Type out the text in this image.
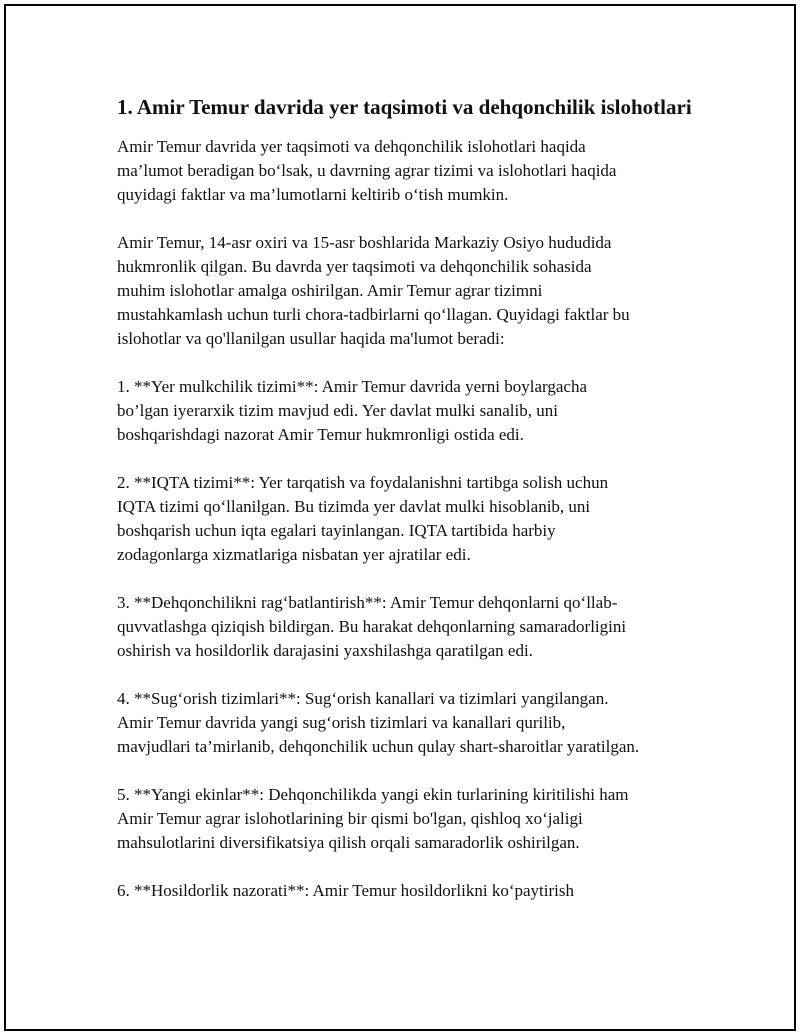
1. Amir Temur davrida yer taqsimoti va dehqonchilik islohotlari

Amir Temur davrida yer taqsimoti va dehqonchilik islohotlari haqida
ma’lumot beradigan bo‘lsak, u davrning agrar tizimi va islohotlari haqida
quyidagi faktlar va ma’lumotlarni keltirib o‘tish mumkin.

Amir Temur, 14-asr oxiri va 15-asr boshlarida Markaziy Osiyo hududida
hukmronlik qilgan. Bu davrda yer taqsimoti va dehqonchilik sohasida
muhim islohotlar amalga oshirilgan. Amir Temur agrar tizimni
mustahkamlash uchun turli chora-tadbirlarni qo‘llagan. Quyidagi faktlar bu
islohotlar va qo'llanilgan usullar haqida ma'lumot beradi:

1. **Yer mulkchilik tizimi**: Amir Temur davrida yerni boylargacha
bo’lgan iyerarxik tizim mavjud edi. Yer davlat mulki sanalib, uni
boshqarishdagi nazorat Amir Temur hukmronligi ostida edi.

2. **IQTA tizimi**: Yer tarqatish va foydalanishni tartibga solish uchun
IQTA tizimi qo‘llanilgan. Bu tizimda yer davlat mulki hisoblanib, uni
boshqarish uchun iqta egalari tayinlangan. IQTA tartibida harbiy
zodagonlarga xizmatlariga nisbatan yer ajratilar edi.

3. **Dehqonchilikni rag‘batlantirish**: Amir Temur dehqonlarni qo‘llab-
quvvatlashga qiziqish bildirgan. Bu harakat dehqonlarning samaradorligini
oshirish va hosildorlik darajasini yaxshilashga qaratilgan edi.

4. **Sug‘orish tizimlari**: Sug‘orish kanallari va tizimlari yangilangan.
Amir Temur davrida yangi sug‘orish tizimlari va kanallari qurilib,
mavjudlari ta’mirlanib, dehqonchilik uchun qulay shart-sharoitlar yaratilgan.

5. **Yangi ekinlar**: Dehqonchilikda yangi ekin turlarining kiritilishi ham
Amir Temur agrar islohotlarining bir qismi bo'lgan, qishloq xo‘jaligi
mahsulotlarini diversifikatsiya qilish orqali samaradorlik oshirilgan.

6. **Hosildorlik nazorati**: Amir Temur hosildorlikni ko‘paytirish
